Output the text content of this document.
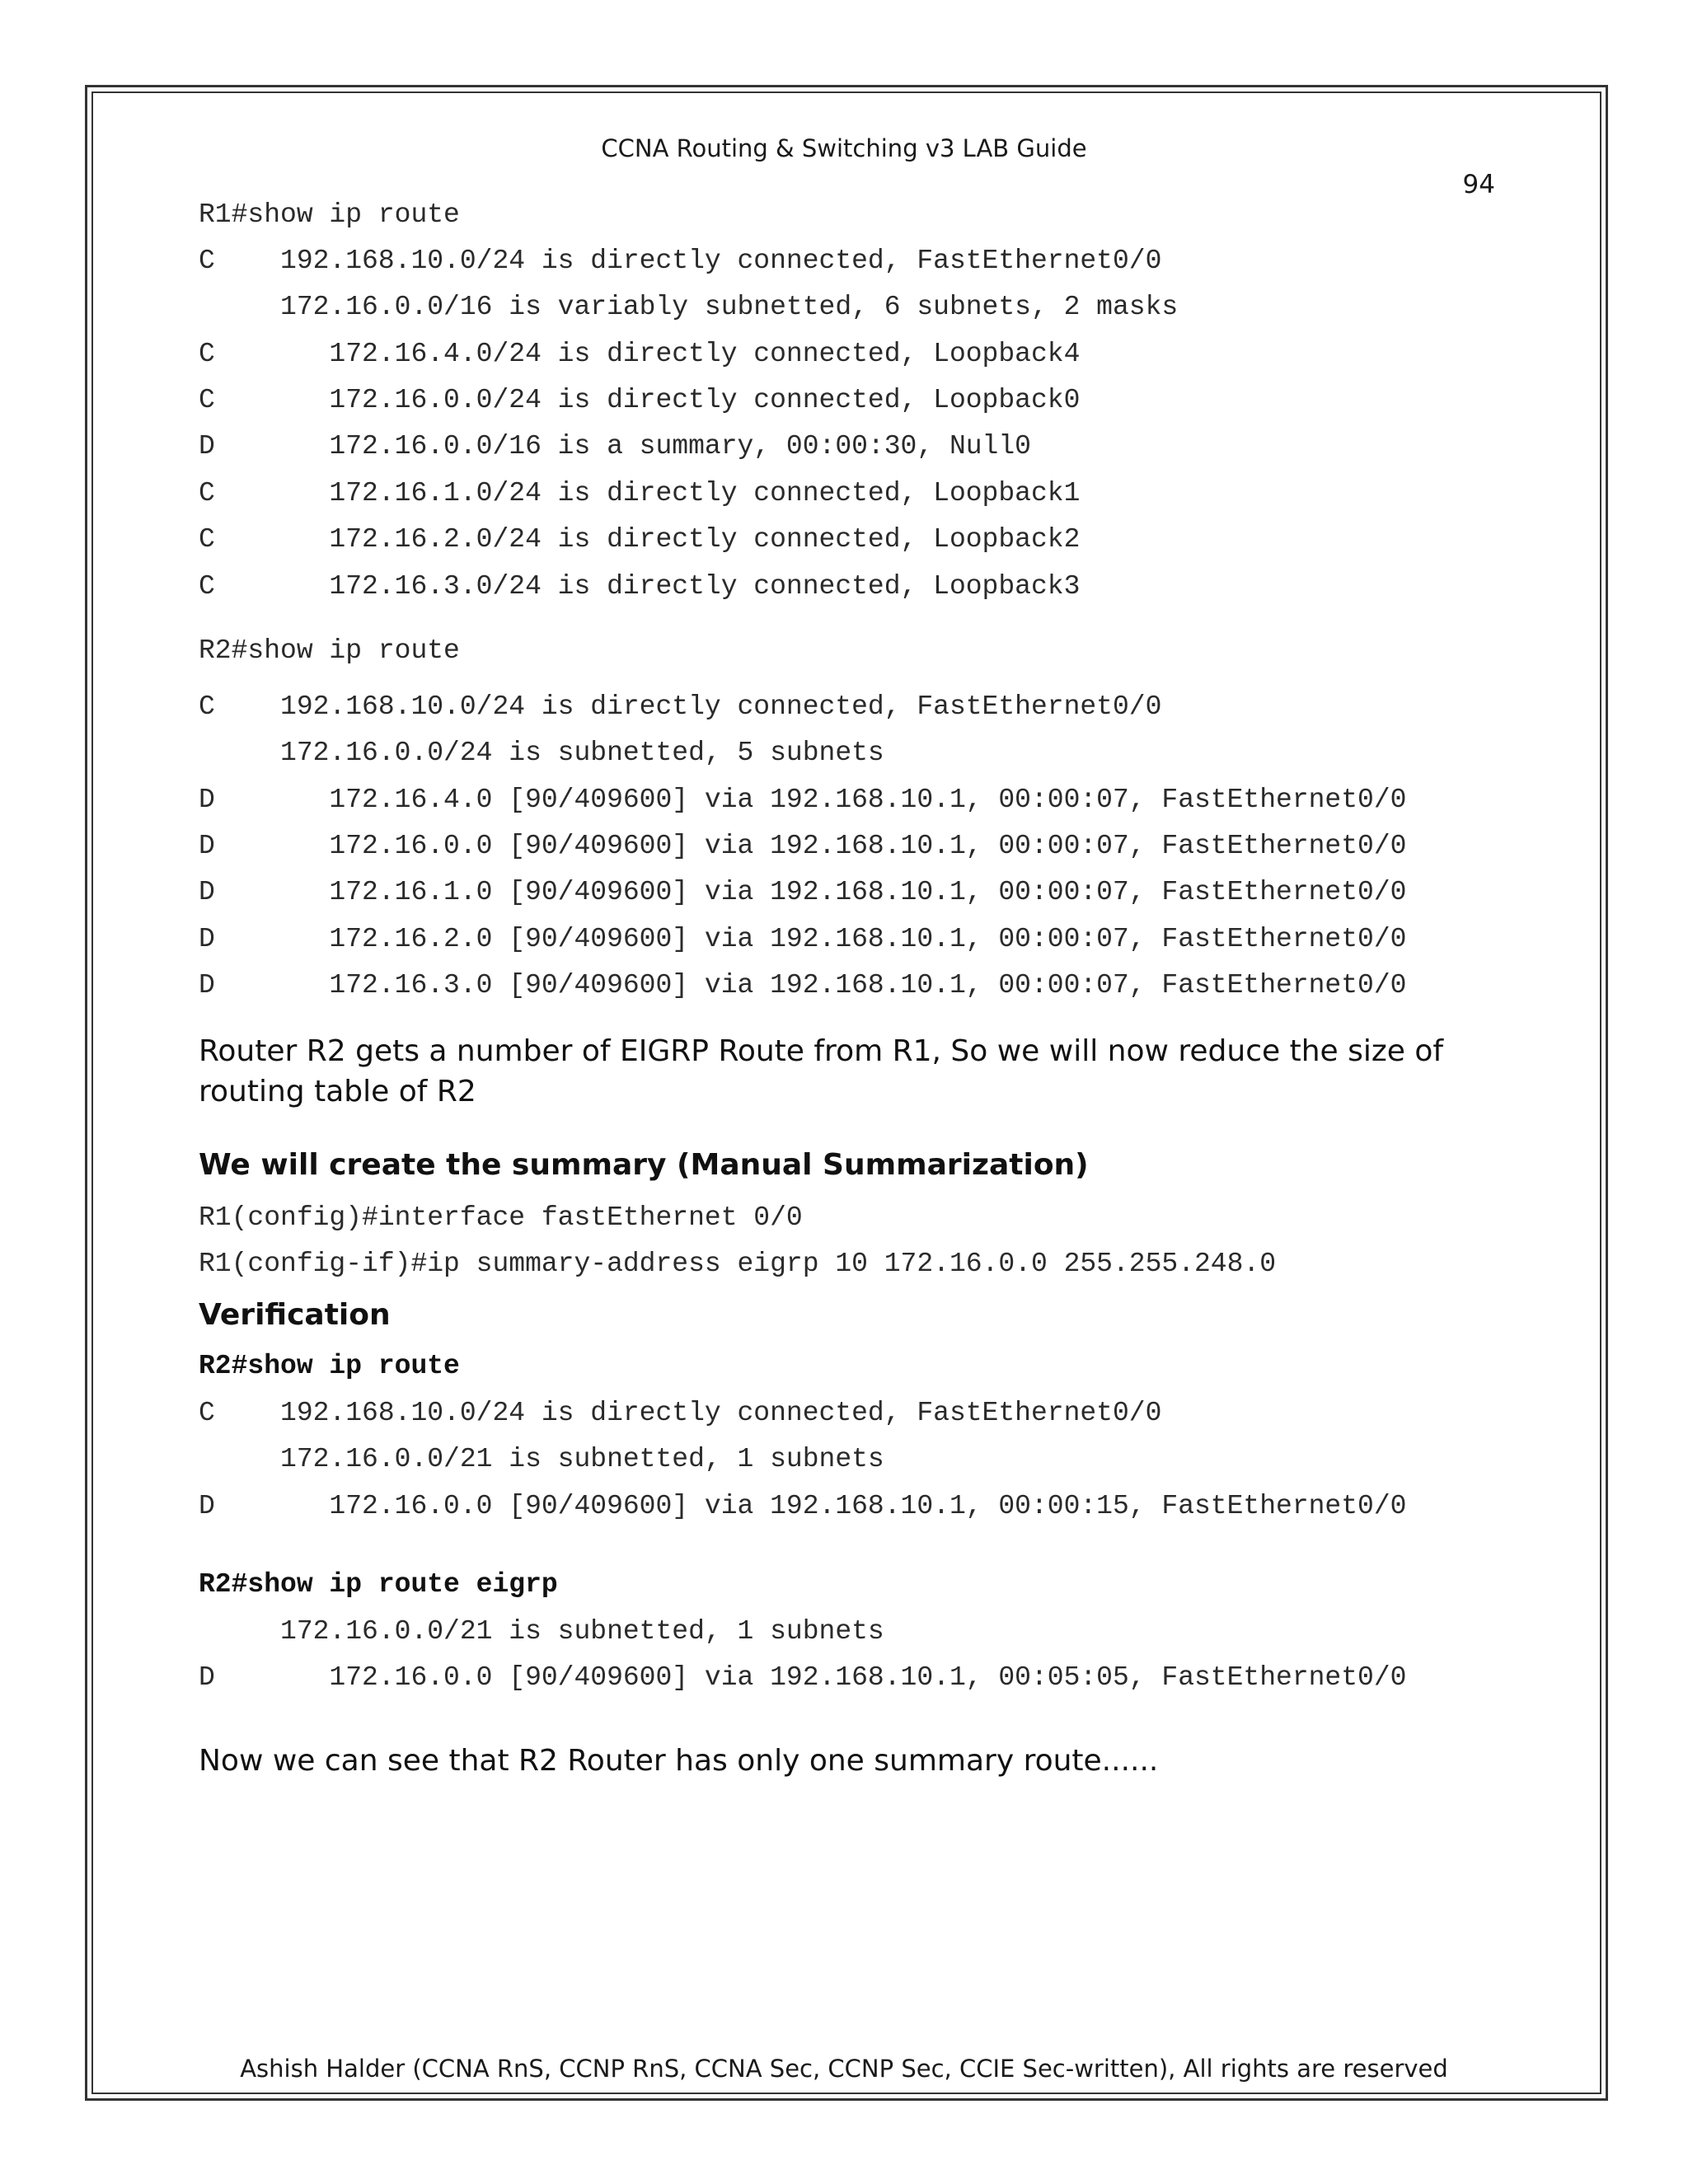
CCNA Routing & Switching v3 LAB Guide
94
R1#show ip route
C    192.168.10.0/24 is directly connected, FastEthernet0/0
172.16.0.0/16 is variably subnetted, 6 subnets, 2 masks
C       172.16.4.0/24 is directly connected, Loopback4
C       172.16.0.0/24 is directly connected, Loopback0
D       172.16.0.0/16 is a summary, 00:00:30, Null0
C       172.16.1.0/24 is directly connected, Loopback1
C       172.16.2.0/24 is directly connected, Loopback2
C       172.16.3.0/24 is directly connected, Loopback3
R2#show ip route
C    192.168.10.0/24 is directly connected, FastEthernet0/0
172.16.0.0/24 is subnetted, 5 subnets
D       172.16.4.0 [90/409600] via 192.168.10.1, 00:00:07, FastEthernet0/0
D       172.16.0.0 [90/409600] via 192.168.10.1, 00:00:07, FastEthernet0/0
D       172.16.1.0 [90/409600] via 192.168.10.1, 00:00:07, FastEthernet0/0
D       172.16.2.0 [90/409600] via 192.168.10.1, 00:00:07, FastEthernet0/0
D       172.16.3.0 [90/409600] via 192.168.10.1, 00:00:07, FastEthernet0/0
Router R2 gets a number of EIGRP Route from R1, So we will now reduce the size of routing table of R2
We will create the summary (Manual Summarization)
R1(config)#interface fastEthernet 0/0
R1(config-if)#ip summary-address eigrp 10 172.16.0.0 255.255.248.0
Verification
R2#show ip route
C    192.168.10.0/24 is directly connected, FastEthernet0/0
172.16.0.0/21 is subnetted, 1 subnets
D       172.16.0.0 [90/409600] via 192.168.10.1, 00:00:15, FastEthernet0/0
R2#show ip route eigrp
172.16.0.0/21 is subnetted, 1 subnets
D       172.16.0.0 [90/409600] via 192.168.10.1, 00:05:05, FastEthernet0/0
Now we can see that R2 Router has only one summary route......
Ashish Halder (CCNA RnS, CCNP RnS, CCNA Sec, CCNP Sec, CCIE Sec-written), All rights are reserved
